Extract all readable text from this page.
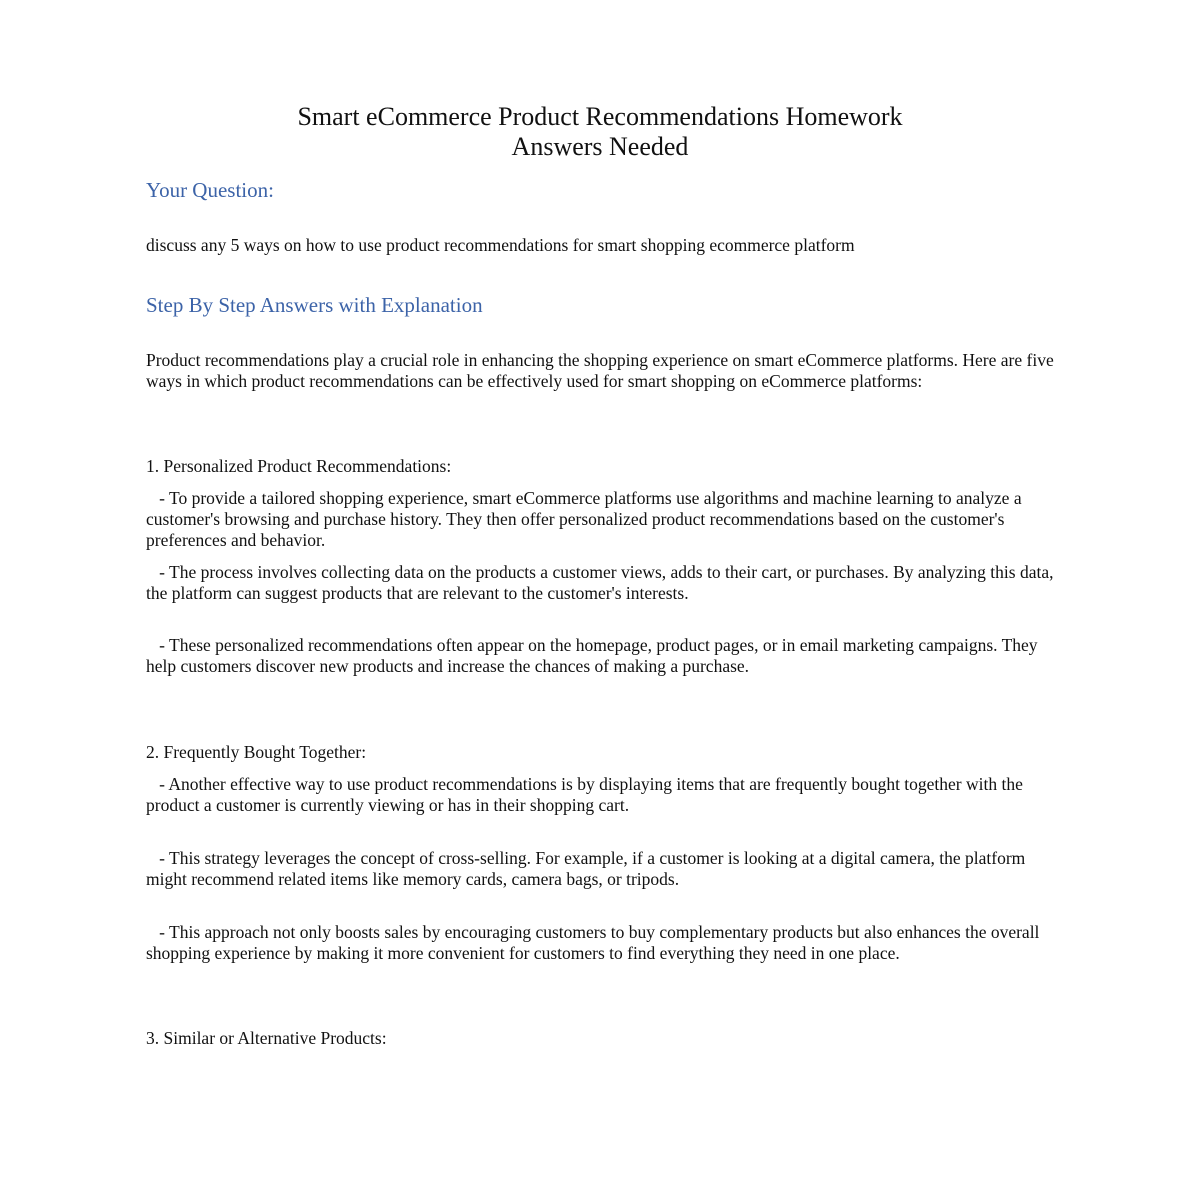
Smart eCommerce Product Recommendations Homework
Answers Needed
Your Question:
discuss any 5 ways on how to use product recommendations for smart shopping ecommerce platform
Step By Step Answers with Explanation
Product recommendations play a crucial role in enhancing the shopping experience on smart eCommerce platforms. Here are five ways in which product recommendations can be effectively used for smart shopping on eCommerce platforms:
1. Personalized Product Recommendations:
- To provide a tailored shopping experience, smart eCommerce platforms use algorithms and machine learning to analyze a customer's browsing and purchase history. They then offer personalized product recommendations based on the customer's preferences and behavior.
- The process involves collecting data on the products a customer views, adds to their cart, or purchases. By analyzing this data, the platform can suggest products that are relevant to the customer's interests.
- These personalized recommendations often appear on the homepage, product pages, or in email marketing campaigns. They help customers discover new products and increase the chances of making a purchase.
2. Frequently Bought Together:
- Another effective way to use product recommendations is by displaying items that are frequently bought together with the product a customer is currently viewing or has in their shopping cart.
- This strategy leverages the concept of cross-selling. For example, if a customer is looking at a digital camera, the platform might recommend related items like memory cards, camera bags, or tripods.
- This approach not only boosts sales by encouraging customers to buy complementary products but also enhances the overall shopping experience by making it more convenient for customers to find everything they need in one place.
3. Similar or Alternative Products:
